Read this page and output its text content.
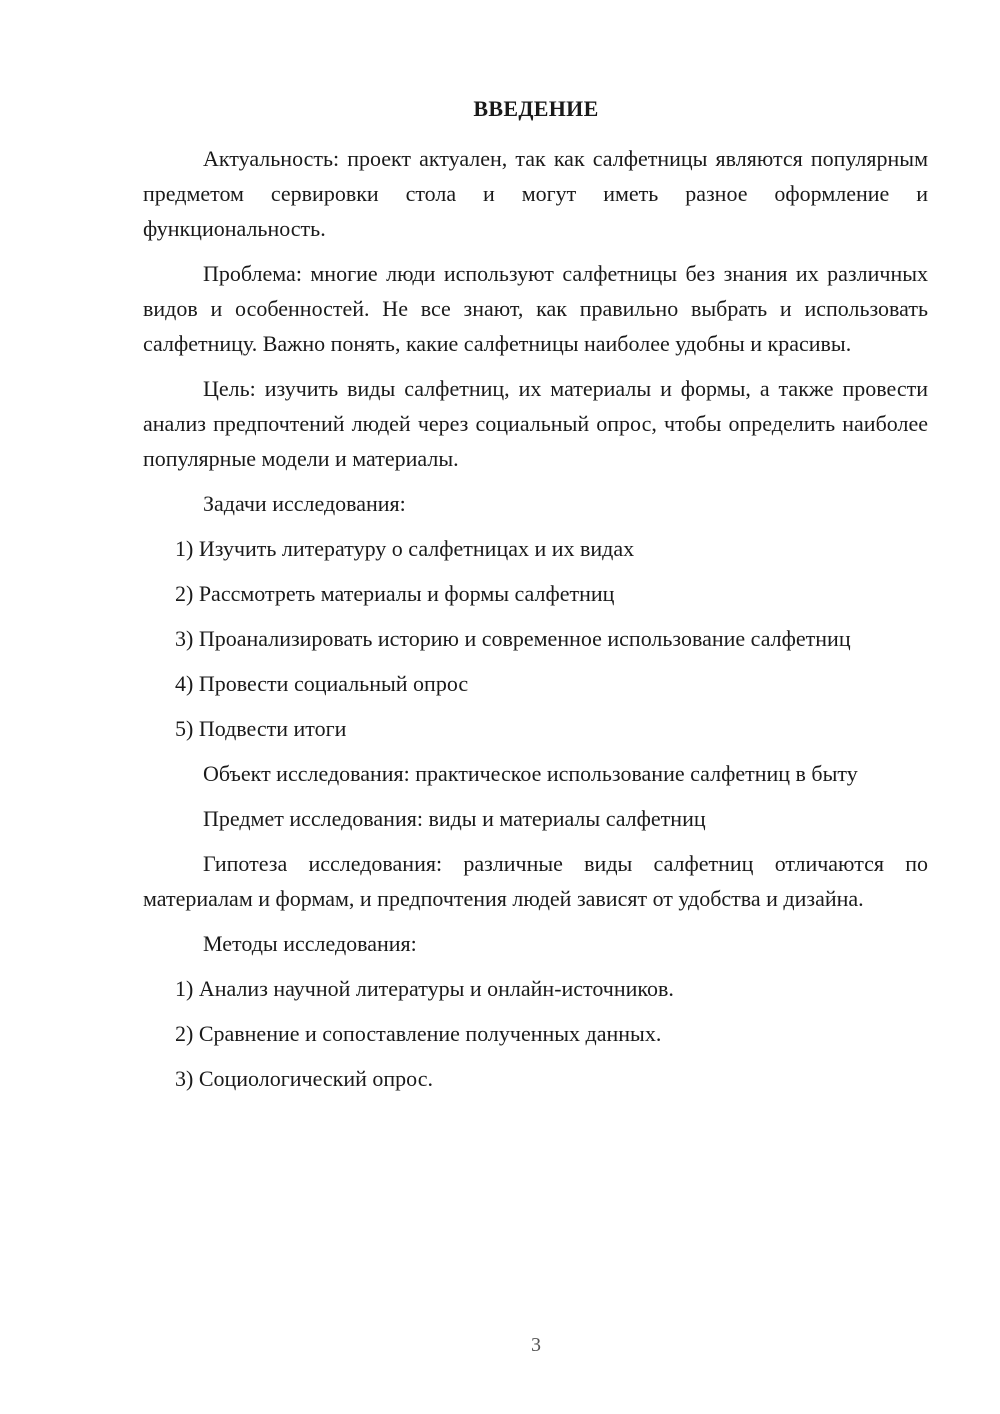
ВВЕДЕНИЕ

Актуальность: проект актуален, так как салфетницы являются популярным предметом сервировки стола и могут иметь разное оформление и функциональность.

Проблема: многие люди используют салфетницы без знания их различных видов и особенностей. Не все знают, как правильно выбрать и использовать салфетницу. Важно понять, какие салфетницы наиболее удобны и красивы.

Цель: изучить виды салфетниц, их материалы и формы, а также провести анализ предпочтений людей через социальный опрос, чтобы определить наиболее популярные модели и материалы.

Задачи исследования:

1) Изучить литературу о салфетницах и их видах

2) Рассмотреть материалы и формы салфетниц

3) Проанализировать историю и современное использование салфетниц

4) Провести социальный опрос

5) Подвести итоги

Объект исследования: практическое использование салфетниц в быту

Предмет исследования: виды и материалы салфетниц

Гипотеза исследования: различные виды салфетниц отличаются по материалам и формам, и предпочтения людей зависят от удобства и дизайна.

Методы исследования:

1) Анализ научной литературы и онлайн-источников.

2) Сравнение и сопоставление полученных данных.

3) Социологический опрос.

3
